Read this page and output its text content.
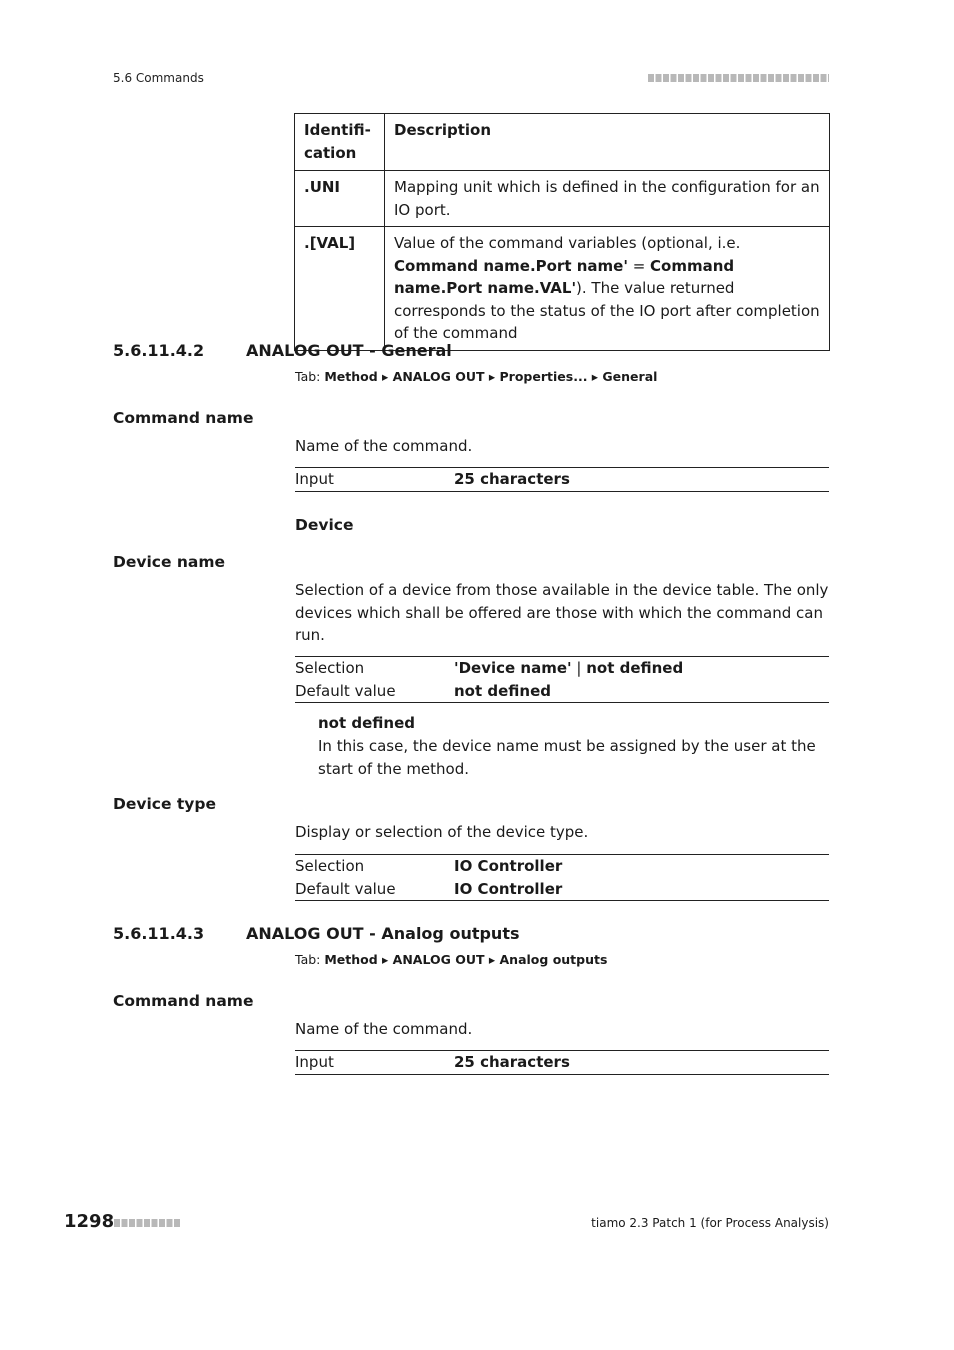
5.6 Commands
Identifi-
cation	Description
.UNI	Mapping unit which is defined in the configuration for an IO port.
.[VAL]	Value of the command variables (optional, i.e. Command name.Port name' = Command name.Port name.VAL'). The value returned corresponds to the status of the IO port after completion of the command
5.6.11.4.2	ANALOG OUT - General
Tab: Method ▸ ANALOG OUT ▸ Properties... ▸ General
Command name
Name of the command.
Input	25 characters
Device
Device name
Selection of a device from those available in the device table. The only devices which shall be offered are those with which the command can run.
Selection	'Device name' | not defined
Default value	not defined
not defined
In this case, the device name must be assigned by the user at the start of the method.
Device type
Display or selection of the device type.
Selection	IO Controller
Default value	IO Controller
5.6.11.4.3	ANALOG OUT - Analog outputs
Tab: Method ▸ ANALOG OUT ▸ Analog outputs
Command name
Name of the command.
Input	25 characters
1298	tiamo 2.3 Patch 1 (for Process Analysis)
